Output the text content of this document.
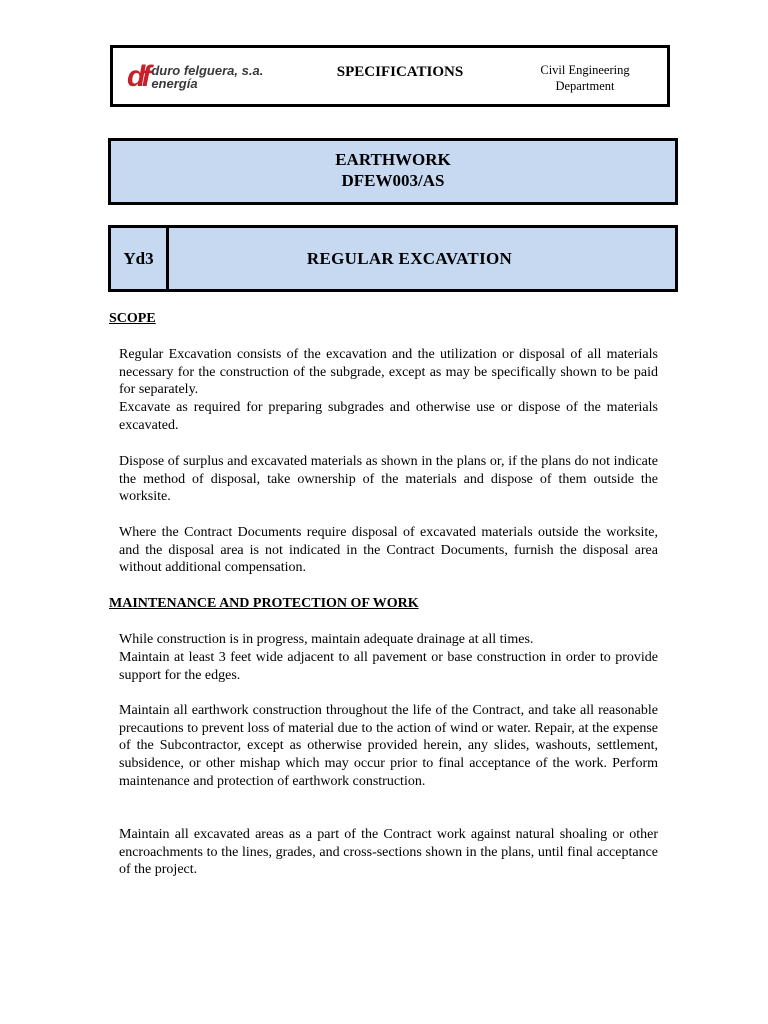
df duro felguera, s.a.
energía
SPECIFICATIONS	Civil Engineering
Department
EARTHWORK
DFEW003/AS
Yd3	REGULAR EXCAVATION
SCOPE

Regular Excavation consists of the excavation and the utilization or disposal of all materials necessary for the construction of the subgrade, except as may be specifically shown to be paid for separately.

Excavate as required for preparing subgrades and otherwise use or dispose of the materials excavated.

Dispose of surplus and excavated materials as shown in the plans or, if the plans do not indicate the method of disposal, take ownership of the materials and dispose of them outside the worksite.

Where the Contract Documents require disposal of excavated materials outside the worksite, and the disposal area is not indicated in the Contract Documents, furnish the disposal area without additional compensation.

MAINTENANCE AND PROTECTION OF WORK

While construction is in progress, maintain adequate drainage at all times.

Maintain at least 3 feet wide adjacent to all pavement or base construction in order to provide support for the edges.

Maintain all earthwork construction throughout the life of the Contract, and take all reasonable precautions to prevent loss of material due to the action of wind or water. Repair, at the expense of the Subcontractor, except as otherwise provided herein, any slides, washouts, settlement, subsidence, or other mishap which may occur prior to final acceptance of the work. Perform maintenance and protection of earthwork construction.

Maintain all excavated areas as a part of the Contract work against natural shoaling or other encroachments to the lines, grades, and cross-sections shown in the plans, until final acceptance of the project.
